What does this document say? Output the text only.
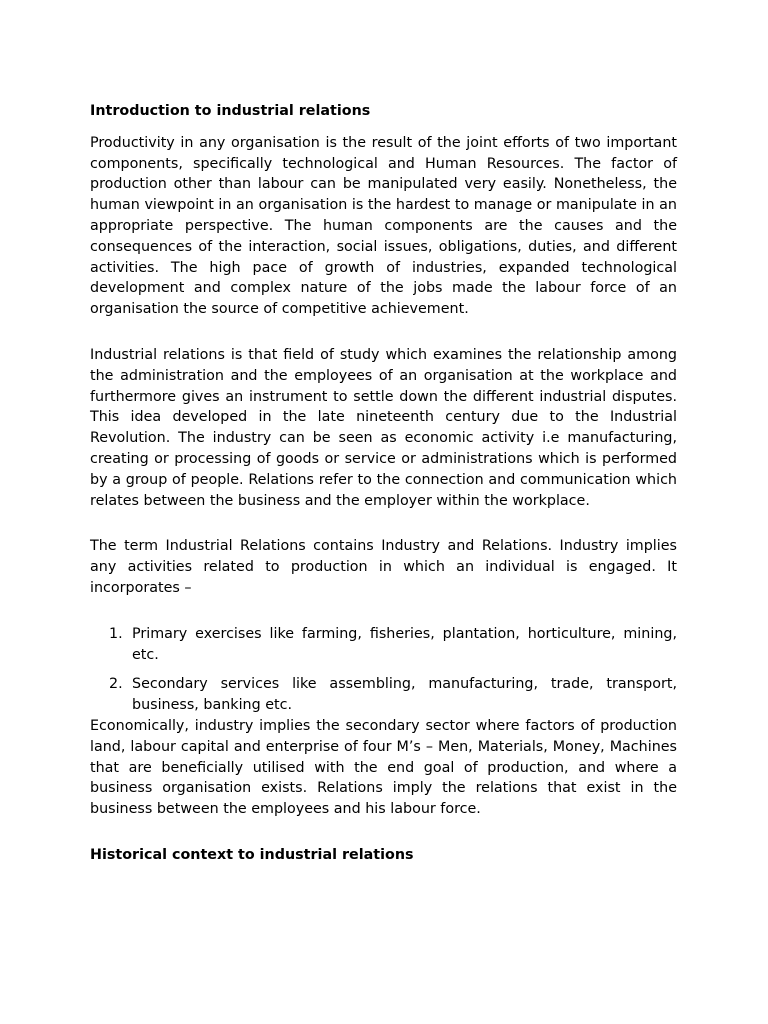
Introduction to industrial relations

Productivity in any organisation is the result of the joint efforts of two important components, specifically technological and Human Resources. The factor of production other than labour can be manipulated very easily. Nonetheless, the human viewpoint in an organisation is the hardest to manage or manipulate in an appropriate perspective. The human components are the causes and the consequences of the interaction, social issues, obligations, duties, and different activities. The high pace of growth of industries, expanded technological development and complex nature of the jobs made the labour force of an organisation the source of competitive achievement.

Industrial relations is that field of study which examines the relationship among the administration and the employees of an organisation at the workplace and furthermore gives an instrument to settle down the different industrial disputes. This idea developed in the late nineteenth century due to the Industrial Revolution. The industry can be seen as economic activity i.e manufacturing, creating or processing of goods or service or administrations which is performed by a group of people. Relations refer to the connection and communication which relates between the business and the employer within the workplace.

The term Industrial Relations contains Industry and Relations. Industry implies any activities related to production in which an individual is engaged. It incorporates –

1. Primary exercises like farming, fisheries, plantation, horticulture, mining, etc.
2. Secondary services like assembling, manufacturing, trade, transport, business, banking etc.

Economically, industry implies the secondary sector where factors of production land, labour capital and enterprise of four M’s – Men, Materials, Money, Machines that are beneficially utilised with the end goal of production, and where a business organisation exists. Relations imply the relations that exist in the business between the employees and his labour force.

Historical context to industrial relations
